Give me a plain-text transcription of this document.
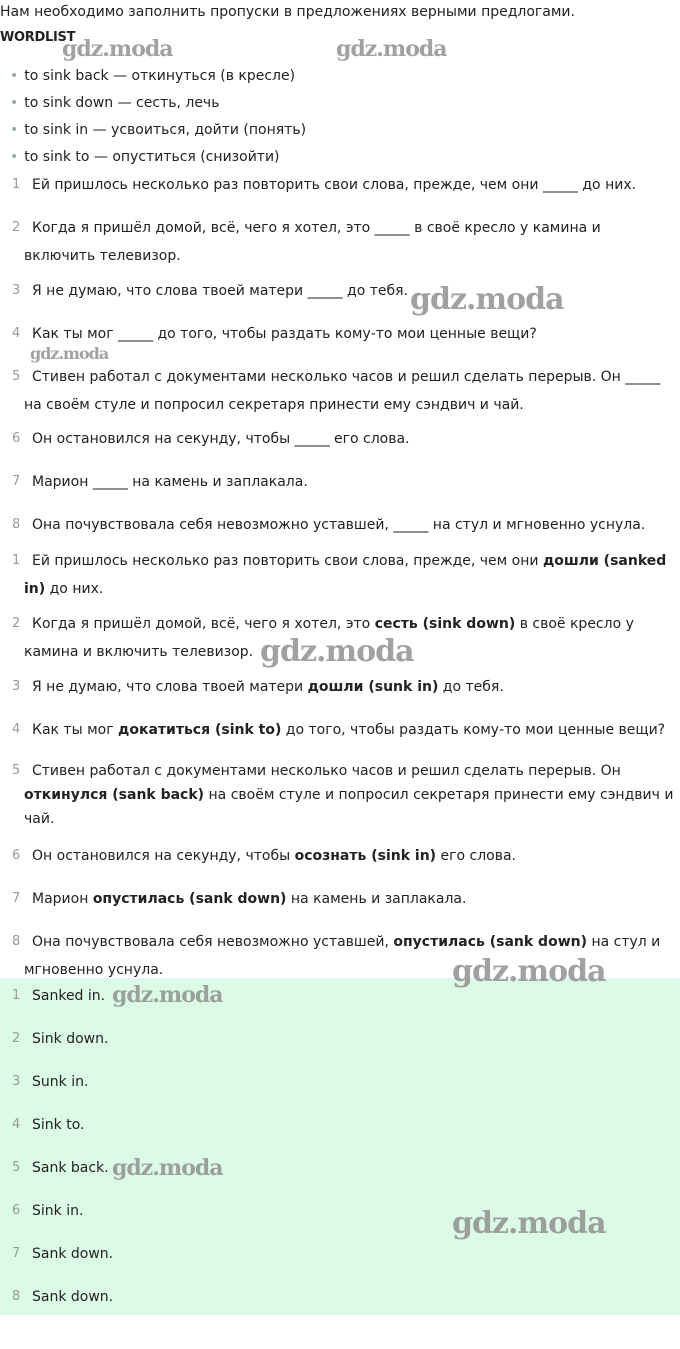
Нам необходимо заполнить пропуски в предложениях верными предлогами.
WORDLIST
• to sink back — откинуться (в кресле)
• to sink down — сесть, лечь
• to sink in — усвоиться, дойти (понять)
• to sink to — опуститься (снизойти)
1 Ей пришлось несколько раз повторить свои слова, прежде, чем они _____ до них.
2 Когда я пришёл домой, всё, чего я хотел, это _____ в своё кресло у камина и включить телевизор.
3 Я не думаю, что слова твоей матери _____ до тебя.
4 Как ты мог _____ до того, чтобы раздать кому-то мои ценные вещи?
5 Стивен работал с документами несколько часов и решил сделать перерыв. Он _____ на своём стуле и попросил секретаря принести ему сэндвич и чай.
6 Он остановился на секунду, чтобы _____ его слова.
7 Марион _____ на камень и заплакала.
8 Она почувствовала себя невозможно уставшей, _____ на стул и мгновенно уснула.
1 Ей пришлось несколько раз повторить свои слова, прежде, чем они дошли (sanked in) до них.
2 Когда я пришёл домой, всё, чего я хотел, это сесть (sink down) в своё кресло у камина и включить телевизор.
3 Я не думаю, что слова твоей матери дошли (sunk in) до тебя.
4 Как ты мог докатиться (sink to) до того, чтобы раздать кому-то мои ценные вещи?
5 Стивен работал с документами несколько часов и решил сделать перерыв. Он откинулся (sank back) на своём стуле и попросил секретаря принести ему сэндвич и чай.
6 Он остановился на секунду, чтобы осознать (sink in) его слова.
7 Марион опустилась (sank down) на камень и заплакала.
8 Она почувствовала себя невозможно уставшей, опустилась (sank down) на стул и мгновенно уснула.
1 Sanked in.
2 Sink down.
3 Sunk in.
4 Sink to.
5 Sank back.
6 Sink in.
7 Sank down.
8 Sank down.
gdz.moda	gdz.moda
gdz.moda
gdz.moda
gdz.moda
gdz.moda
gdz.moda
gdz.moda
gdz.moda
